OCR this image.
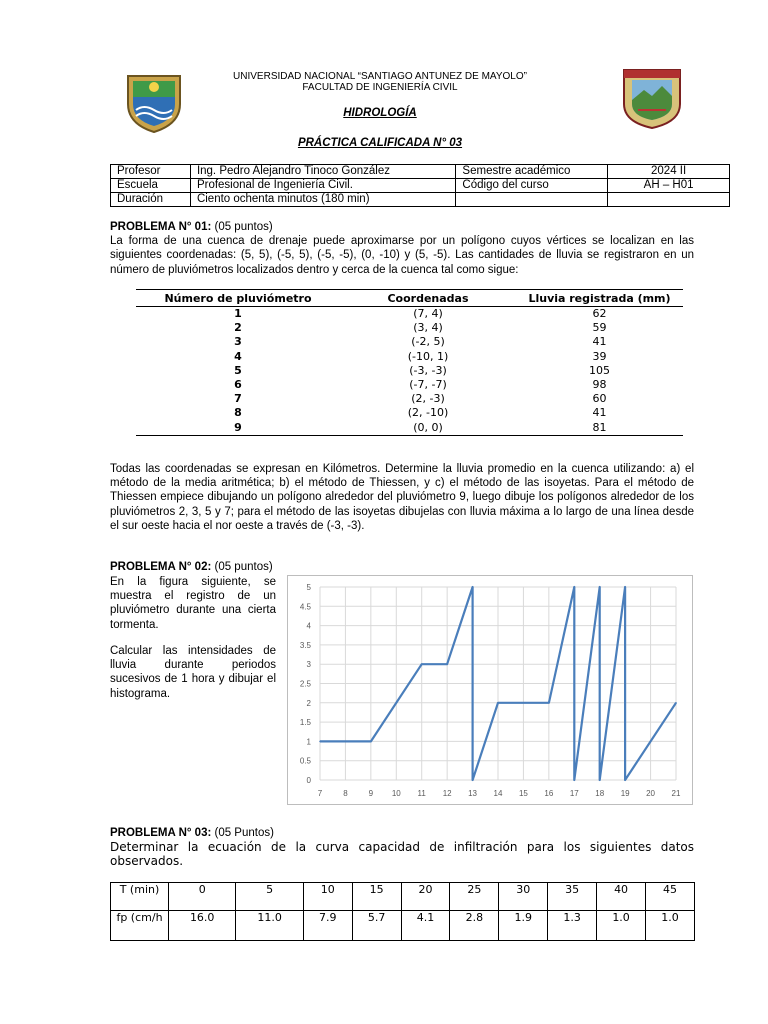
UNIVERSIDAD NACIONAL “SANTIAGO ANTUNEZ DE MAYOLO”
FACULTAD DE INGENIERÍA CIVIL
HIDROLOGÍA
PRÁCTICA CALIFICADA N° 03
Profesor	Ing. Pedro Alejandro Tinoco González	Semestre académico	2024 II
Escuela	Profesional de Ingeniería Civil.	Código del curso	AH – H01
Duración	Ciento ochenta minutos (180 min)		
PROBLEMA N° 01: (05 puntos)
La forma de una cuenca de drenaje puede aproximarse por un polígono cuyos vértices se localizan en las siguientes coordenadas: (5, 5), (-5, 5), (-5, -5), (0, -10) y (5, -5). Las cantidades de lluvia se registraron en un número de pluviómetros localizados dentro y cerca de la cuenca tal como sigue:
Número de pluviómetro	Coordenadas	Lluvia registrada (mm)
1	(7, 4)	62
2	(3, 4)	59
3	(-2, 5)	41
4	(-10, 1)	39
5	(-3, -3)	105
6	(-7, -7)	98
7	(2, -3)	60
8	(2, -10)	41
9	(0, 0)	81
Todas las coordenadas se expresan en Kilómetros. Determine la lluvia promedio en la cuenca utilizando: a) el método de la media aritmética; b) el método de Thiessen, y c) el método de las isoyetas. Para el método de Thiessen empiece dibujando un polígono alrededor del pluviómetro 9, luego dibuje los polígonos alrededor de los pluviómetros 2, 3, 5 y 7; para el método de las isoyetas dibujelas con lluvia máxima a lo largo de una línea desde el sur oeste hacia el nor oeste a través de (-3, -3).
PROBLEMA N° 02: (05 puntos)
En la figura siguiente, se muestra el registro de un pluviómetro durante una cierta tormenta.
Calcular las intensidades de lluvia durante periodos sucesivos de 1 hora y dibujar el histograma.
0
0.5
1
1.5
2
2.5
3
3.5
4
4.5
5
7	8	9 10 11 12 13 14 15 16 17 18 19 20 21
PROBLEMA N° 03: (05 Puntos)
Determinar la ecuación de la curva capacidad de infiltración para los siguientes datos observados.
T (min)	0	5	10	15	20	25	30	35	40	45
fp (cm/h	16.0	11.0	7.9	5.7	4.1	2.8	1.9	1.3	1.0	1.0
